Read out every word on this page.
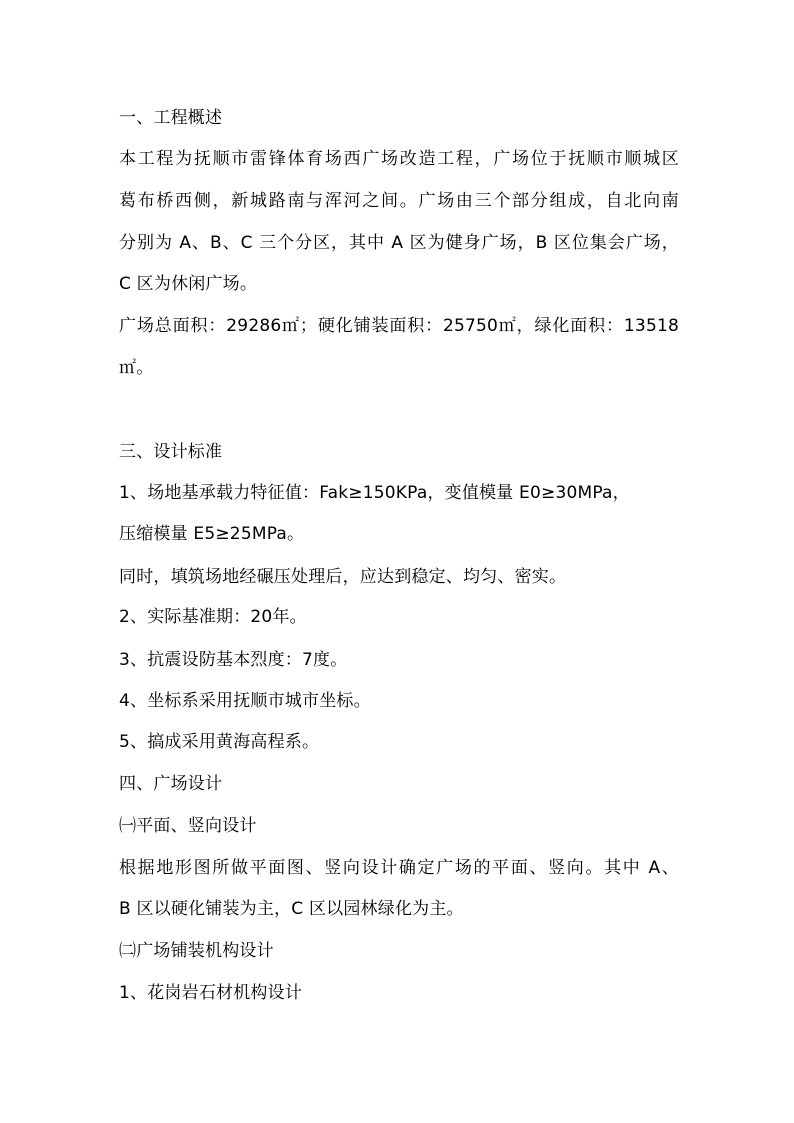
一、工程概述
本工程为抚顺市雷锋体育场西广场改造工程，广场位于抚顺市顺城区
葛布桥西侧，新城路南与浑河之间。广场由三个部分组成，自北向南
分别为 A、B、C 三个分区，其中 A 区为健身广场，B 区位集会广场，
C 区为休闲广场。
广场总面积：29286㎡；硬化铺装面积：25750㎡，绿化面积：13518
㎡。
三、设计标准
1、场地基承载力特征值：Fak≥150KPa，变值模量 E0≥30MPa，
压缩模量 E5≥25MPa。
同时，填筑场地经碾压处理后，应达到稳定、均匀、密实。
2、实际基准期：20年。
3、抗震设防基本烈度：7度。
4、坐标系采用抚顺市城市坐标。
5、搞成采用黄海高程系。
四、广场设计
㈠平面、竖向设计
根据地形图所做平面图、竖向设计确定广场的平面、竖向。其中 A、
B 区以硬化铺装为主，C 区以园林绿化为主。
㈡广场铺装机构设计
1、花岗岩石材机构设计
